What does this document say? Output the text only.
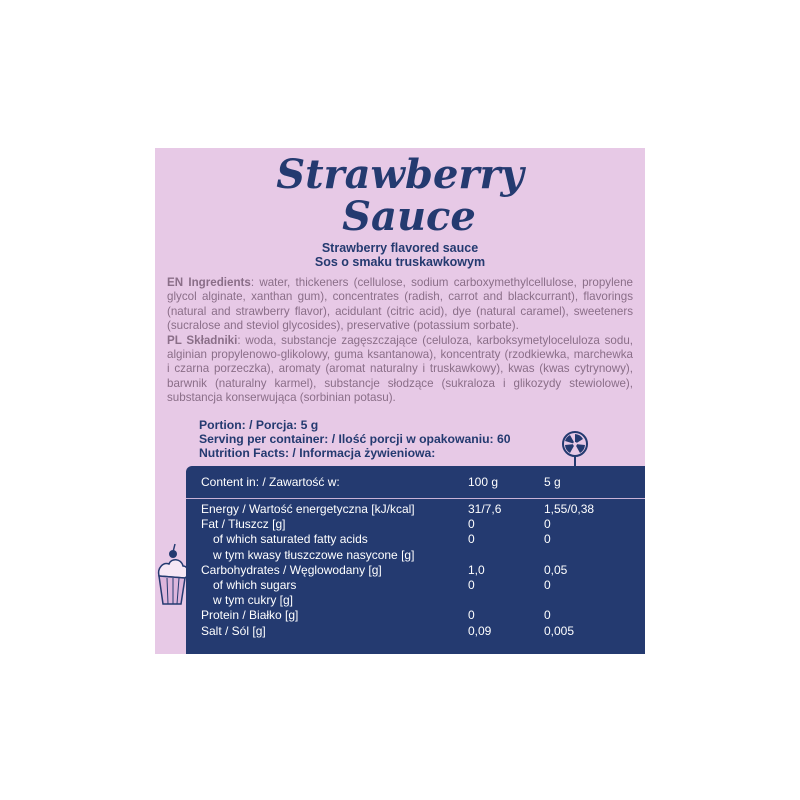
Strawberry
Sauce
Strawberry flavored sauce
Sos o smaku truskawkowym

EN Ingredients: water, thickeners (cellulose, sodium carboxymethylcellulose, propylene glycol alginate, xanthan gum), concentrates (radish, carrot and blackcurrant), flavorings (natural and strawberry flavor), acidulant (citric acid), dye (natural caramel), sweeteners (sucralose and steviol glycosides), preservative (potassium sorbate).

PL Składniki: woda, substancje zagęszczające (celuloza, karboksymetyloceluloza sodu, alginian propylenowo-glikolowy, guma ksantanowa), koncentraty (rzodkiewka, marchewka i czarna porzeczka), aromaty (aromat naturalny i truskawkowy), kwas (kwas cytrynowy), barwnik (naturalny karmel), substancje słodzące (sukraloza i glikozydy stewiolowe), substancja konserwująca (sorbinian potasu).

Portion: / Porcja: 5 g
Serving per container: / Ilość porcji w opakowaniu: 60
Nutrition Facts: / Informacja żywieniowa:
Content in: / Zawartość w:	100 g	5 g
Energy / Wartość energetyczna [kJ/kcal]	31/7,6	1,55/0,38
Fat / Tłuszcz [g]	0	0
of which saturated fatty acids	0	0
w tym kwasy tłuszczowe nasycone [g]
Carbohydrates / Węglowodany [g]	1,0	0,05
of which sugars	0	0
w tym cukry [g]
Protein / Białko [g]	0	0
Salt / Sól [g]	0,09	0,005
